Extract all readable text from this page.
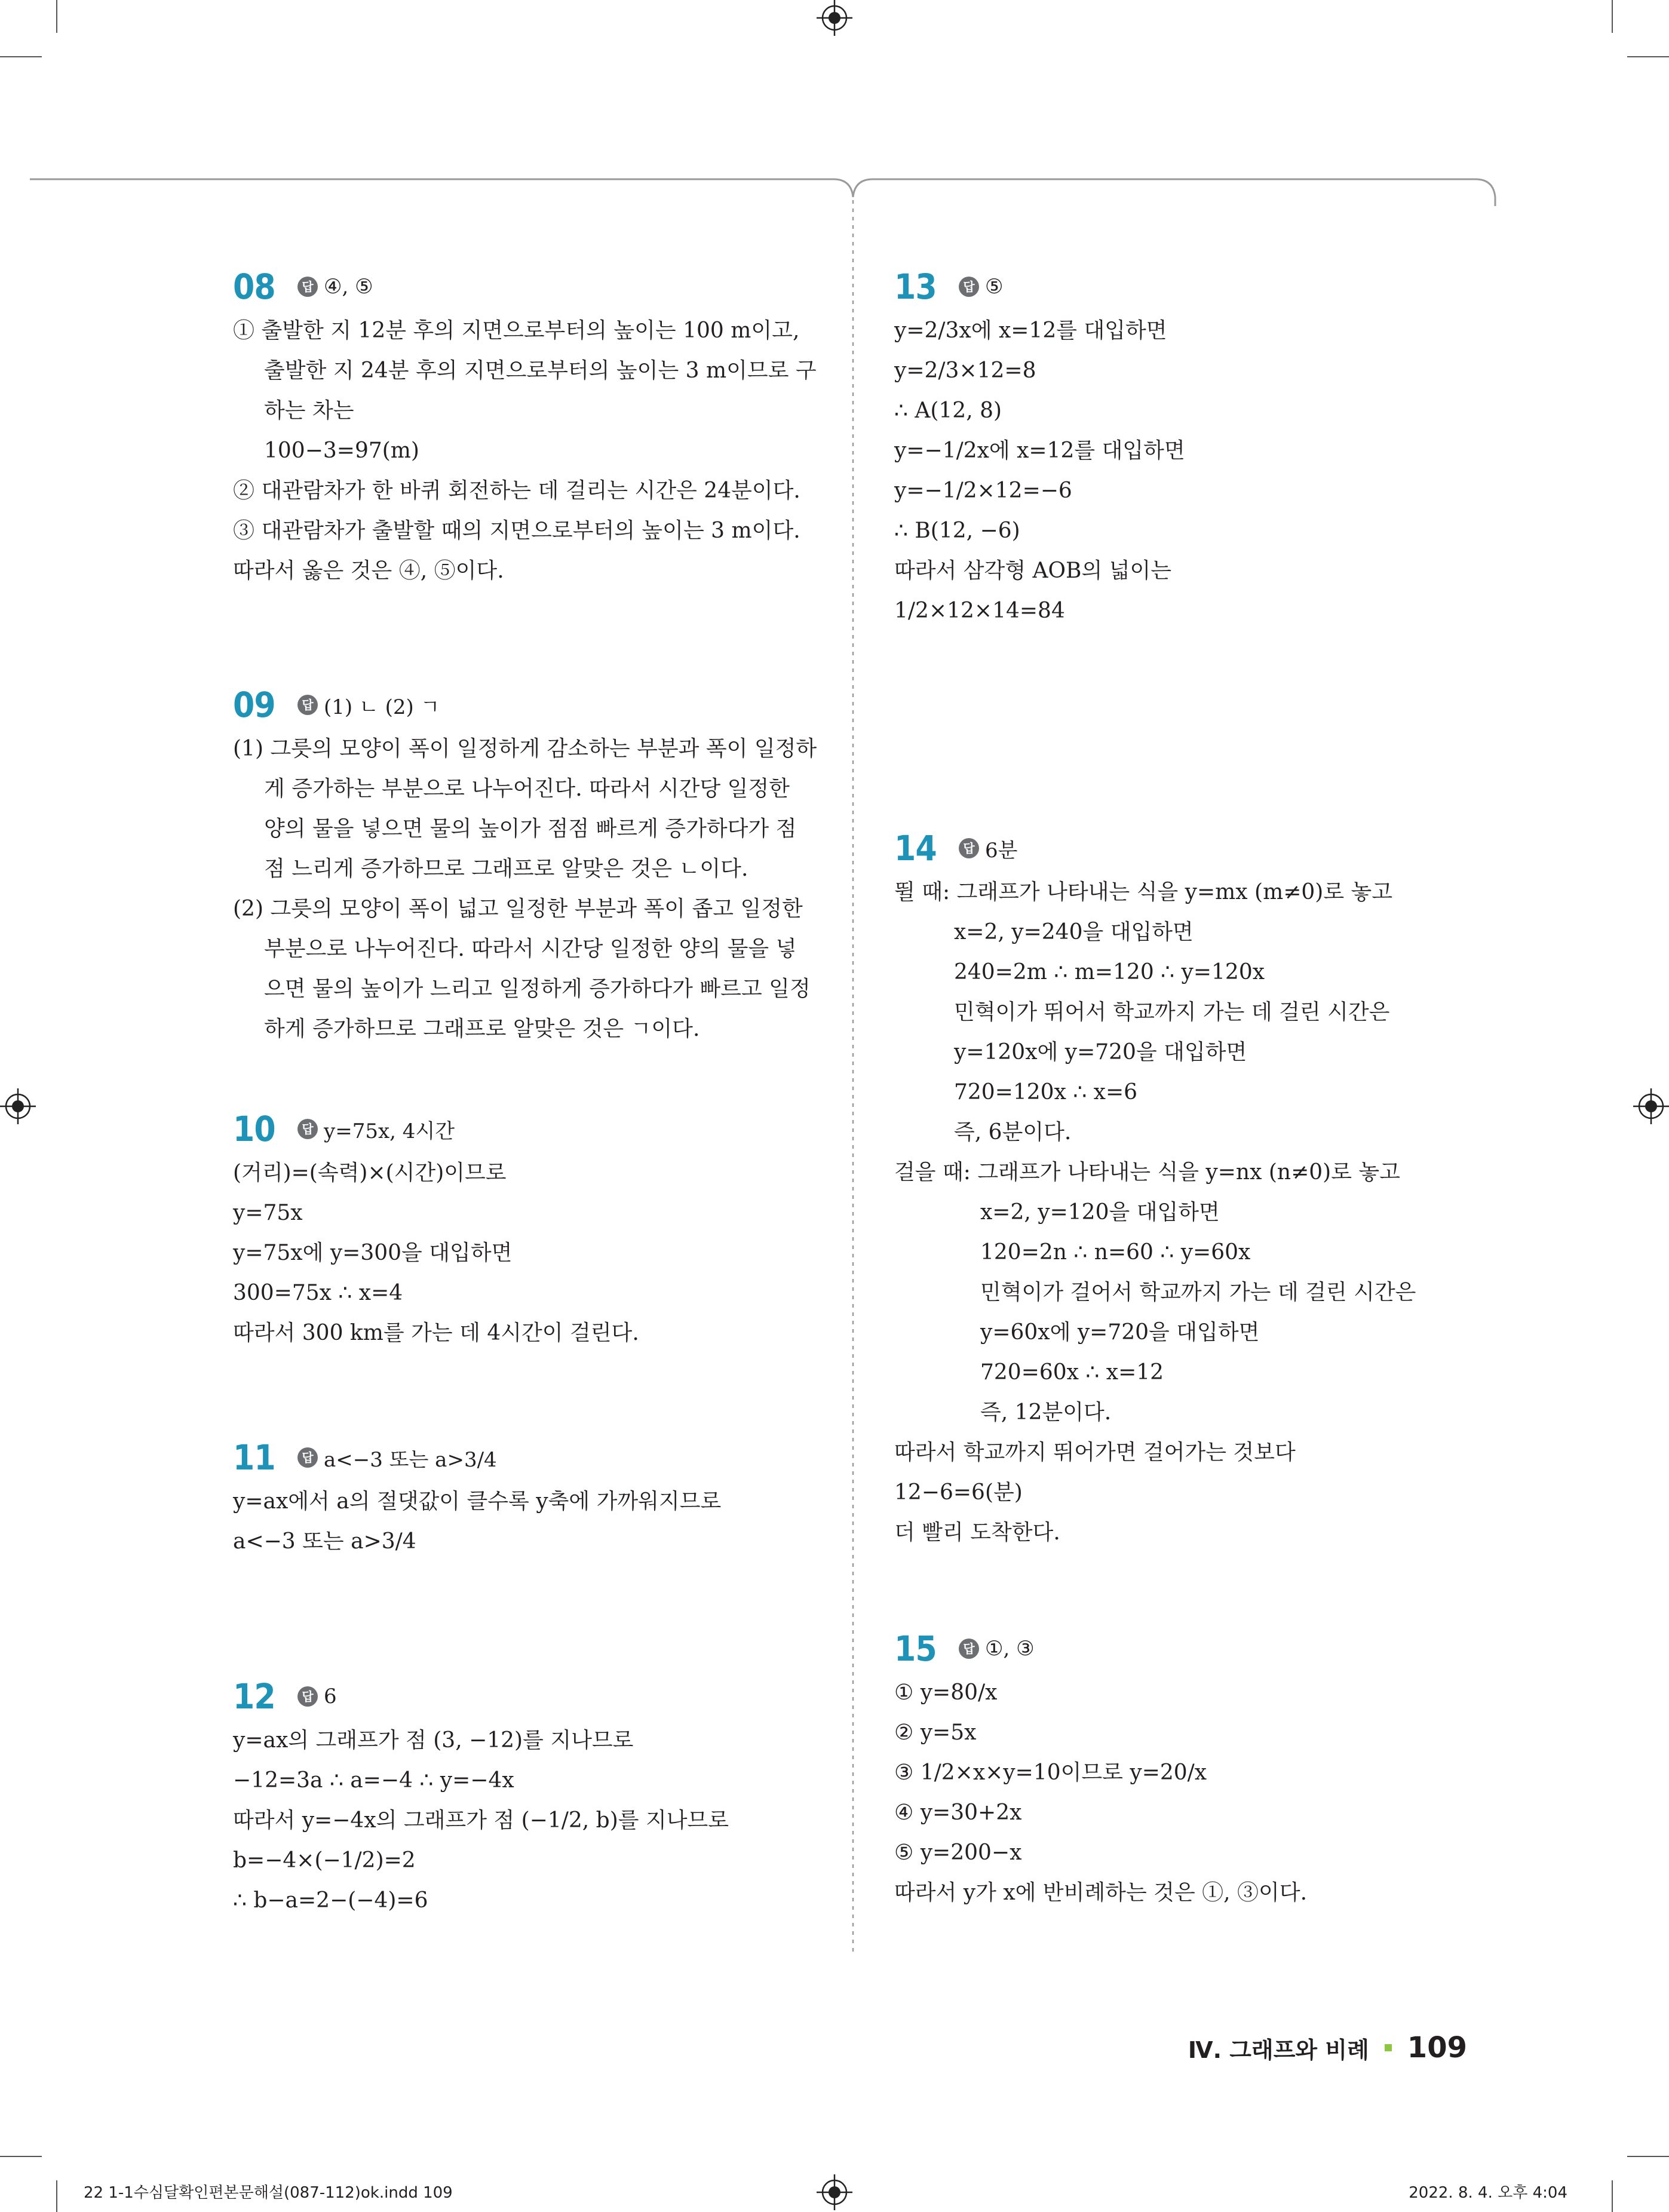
08	답 ④, ⑤
① 출발한 지 12분 후의 지면으로부터의 높이는 100 m이고,
출발한 지 24분 후의 지면으로부터의 높이는 3 m이므로 구
하는 차는
100−3=97(m)
② 대관람차가 한 바퀴 회전하는 데 걸리는 시간은 24분이다.
③ 대관람차가 출발할 때의 지면으로부터의 높이는 3 m이다.
따라서 옳은 것은 ④, ⑤이다.
09	답 (1) ㄴ (2) ㄱ
(1) 그릇의 모양이 폭이 일정하게 감소하는 부분과 폭이 일정하
게 증가하는 부분으로 나누어진다. 따라서 시간당 일정한
양의 물을 넣으면 물의 높이가 점점 빠르게 증가하다가 점
점 느리게 증가하므로 그래프로 알맞은 것은 ㄴ이다.
(2) 그릇의 모양이 폭이 넓고 일정한 부분과 폭이 좁고 일정한
부분으로 나누어진다. 따라서 시간당 일정한 양의 물을 넣
으면 물의 높이가 느리고 일정하게 증가하다가 빠르고 일정
하게 증가하므로 그래프로 알맞은 것은 ㄱ이다.
10	답 y=75x, 4시간
(거리)=(속력)×(시간)이므로
y=75x
y=75x에 y=300을 대입하면
300=75x ∴ x=4
따라서 300 km를 가는 데 4시간이 걸린다.
11	답 a<−3 또는 a>3/4
y=ax에서 a의 절댓값이 클수록 y축에 가까워지므로
a<−3 또는 a>3/4
12	답 6
y=ax의 그래프가 점 (3, −12)를 지나므로
−12=3a ∴ a=−4 ∴ y=−4x
따라서 y=−4x의 그래프가 점 (−1/2, b)를 지나므로
b=−4×(−1/2)=2
∴ b−a=2−(−4)=6
13	답 ⑤
y=2/3x에 x=12를 대입하면
y=2/3×12=8
∴ A(12, 8)
y=−1/2x에 x=12를 대입하면
y=−1/2×12=−6
∴ B(12, −6)
따라서 삼각형 AOB의 넓이는
1/2×12×14=84
14	답 6분
뛸 때: 그래프가 나타내는 식을 y=mx (m≠0)로 놓고
x=2, y=240을 대입하면
240=2m ∴ m=120 ∴ y=120x
민혁이가 뛰어서 학교까지 가는 데 걸린 시간은
y=120x에 y=720을 대입하면
720=120x ∴ x=6
즉, 6분이다.
걸을 때: 그래프가 나타내는 식을 y=nx (n≠0)로 놓고
x=2, y=120을 대입하면
120=2n ∴ n=60 ∴ y=60x
민혁이가 걸어서 학교까지 가는 데 걸린 시간은
y=60x에 y=720을 대입하면
720=60x ∴ x=12
즉, 12분이다.
따라서 학교까지 뛰어가면 걸어가는 것보다
12−6=6(분)
더 빨리 도착한다.
15	답 ①, ③
① y=80/x
② y=5x
③ 1/2×x×y=10이므로 y=20/x
④ y=30+2x
⑤ y=200−x
따라서 y가 x에 반비례하는 것은 ①, ③이다.
Ⅳ. 그래프와 비례 109
22 1-1수심달확인편본문해설(087-112)ok.indd 109	2022. 8. 4. 오후 4:04
